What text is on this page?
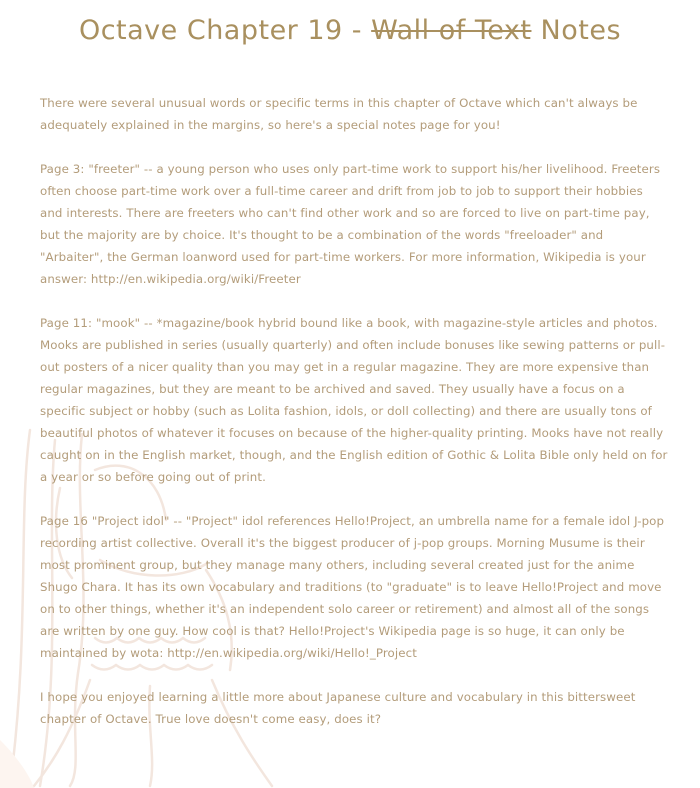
Octave Chapter 19 - Wall of Text Notes

There were several unusual words or specific terms in this chapter of Octave which can't always be adequately explained in the margins, so here's a special notes page for you!

Page 3: "freeter" -- a young person who uses only part-time work to support his/her livelihood. Freeters often choose part-time work over a full-time career and drift from job to job to support their hobbies and interests. There are freeters who can't find other work and so are forced to live on part-time pay, but the majority are by choice. It's thought to be a combination of the words "freeloader" and "Arbaiter", the German loanword used for part-time workers. For more information, Wikipedia is your answer: http://en.wikipedia.org/wiki/Freeter

Page 11: "mook" -- *magazine/book hybrid bound like a book, with magazine-style articles and photos. Mooks are published in series (usually quarterly) and often include bonuses like sewing patterns or pull-out posters of a nicer quality than you may get in a regular magazine. They are more expensive than regular magazines, but they are meant to be archived and saved. They usually have a focus on a specific subject or hobby (such as Lolita fashion, idols, or doll collecting) and there are usually tons of beautiful photos of whatever it focuses on because of the higher-quality printing. Mooks have not really caught on in the English market, though, and the English edition of Gothic & Lolita Bible only held on for a year or so before going out of print.

Page 16 "Project idol" -- "Project" idol references Hello!Project, an umbrella name for a female idol J-pop recording artist collective. Overall it's the biggest producer of j-pop groups. Morning Musume is their most prominent group, but they manage many others, including several created just for the anime Shugo Chara. It has its own vocabulary and traditions (to "graduate" is to leave Hello!Project and move on to other things, whether it's an independent solo career or retirement) and almost all of the songs are written by one guy. How cool is that? Hello!Project's Wikipedia page is so huge, it can only be maintained by wota: http://en.wikipedia.org/wiki/Hello!_Project

I hope you enjoyed learning a little more about Japanese culture and vocabulary in this bittersweet chapter of Octave. True love doesn't come easy, does it?
